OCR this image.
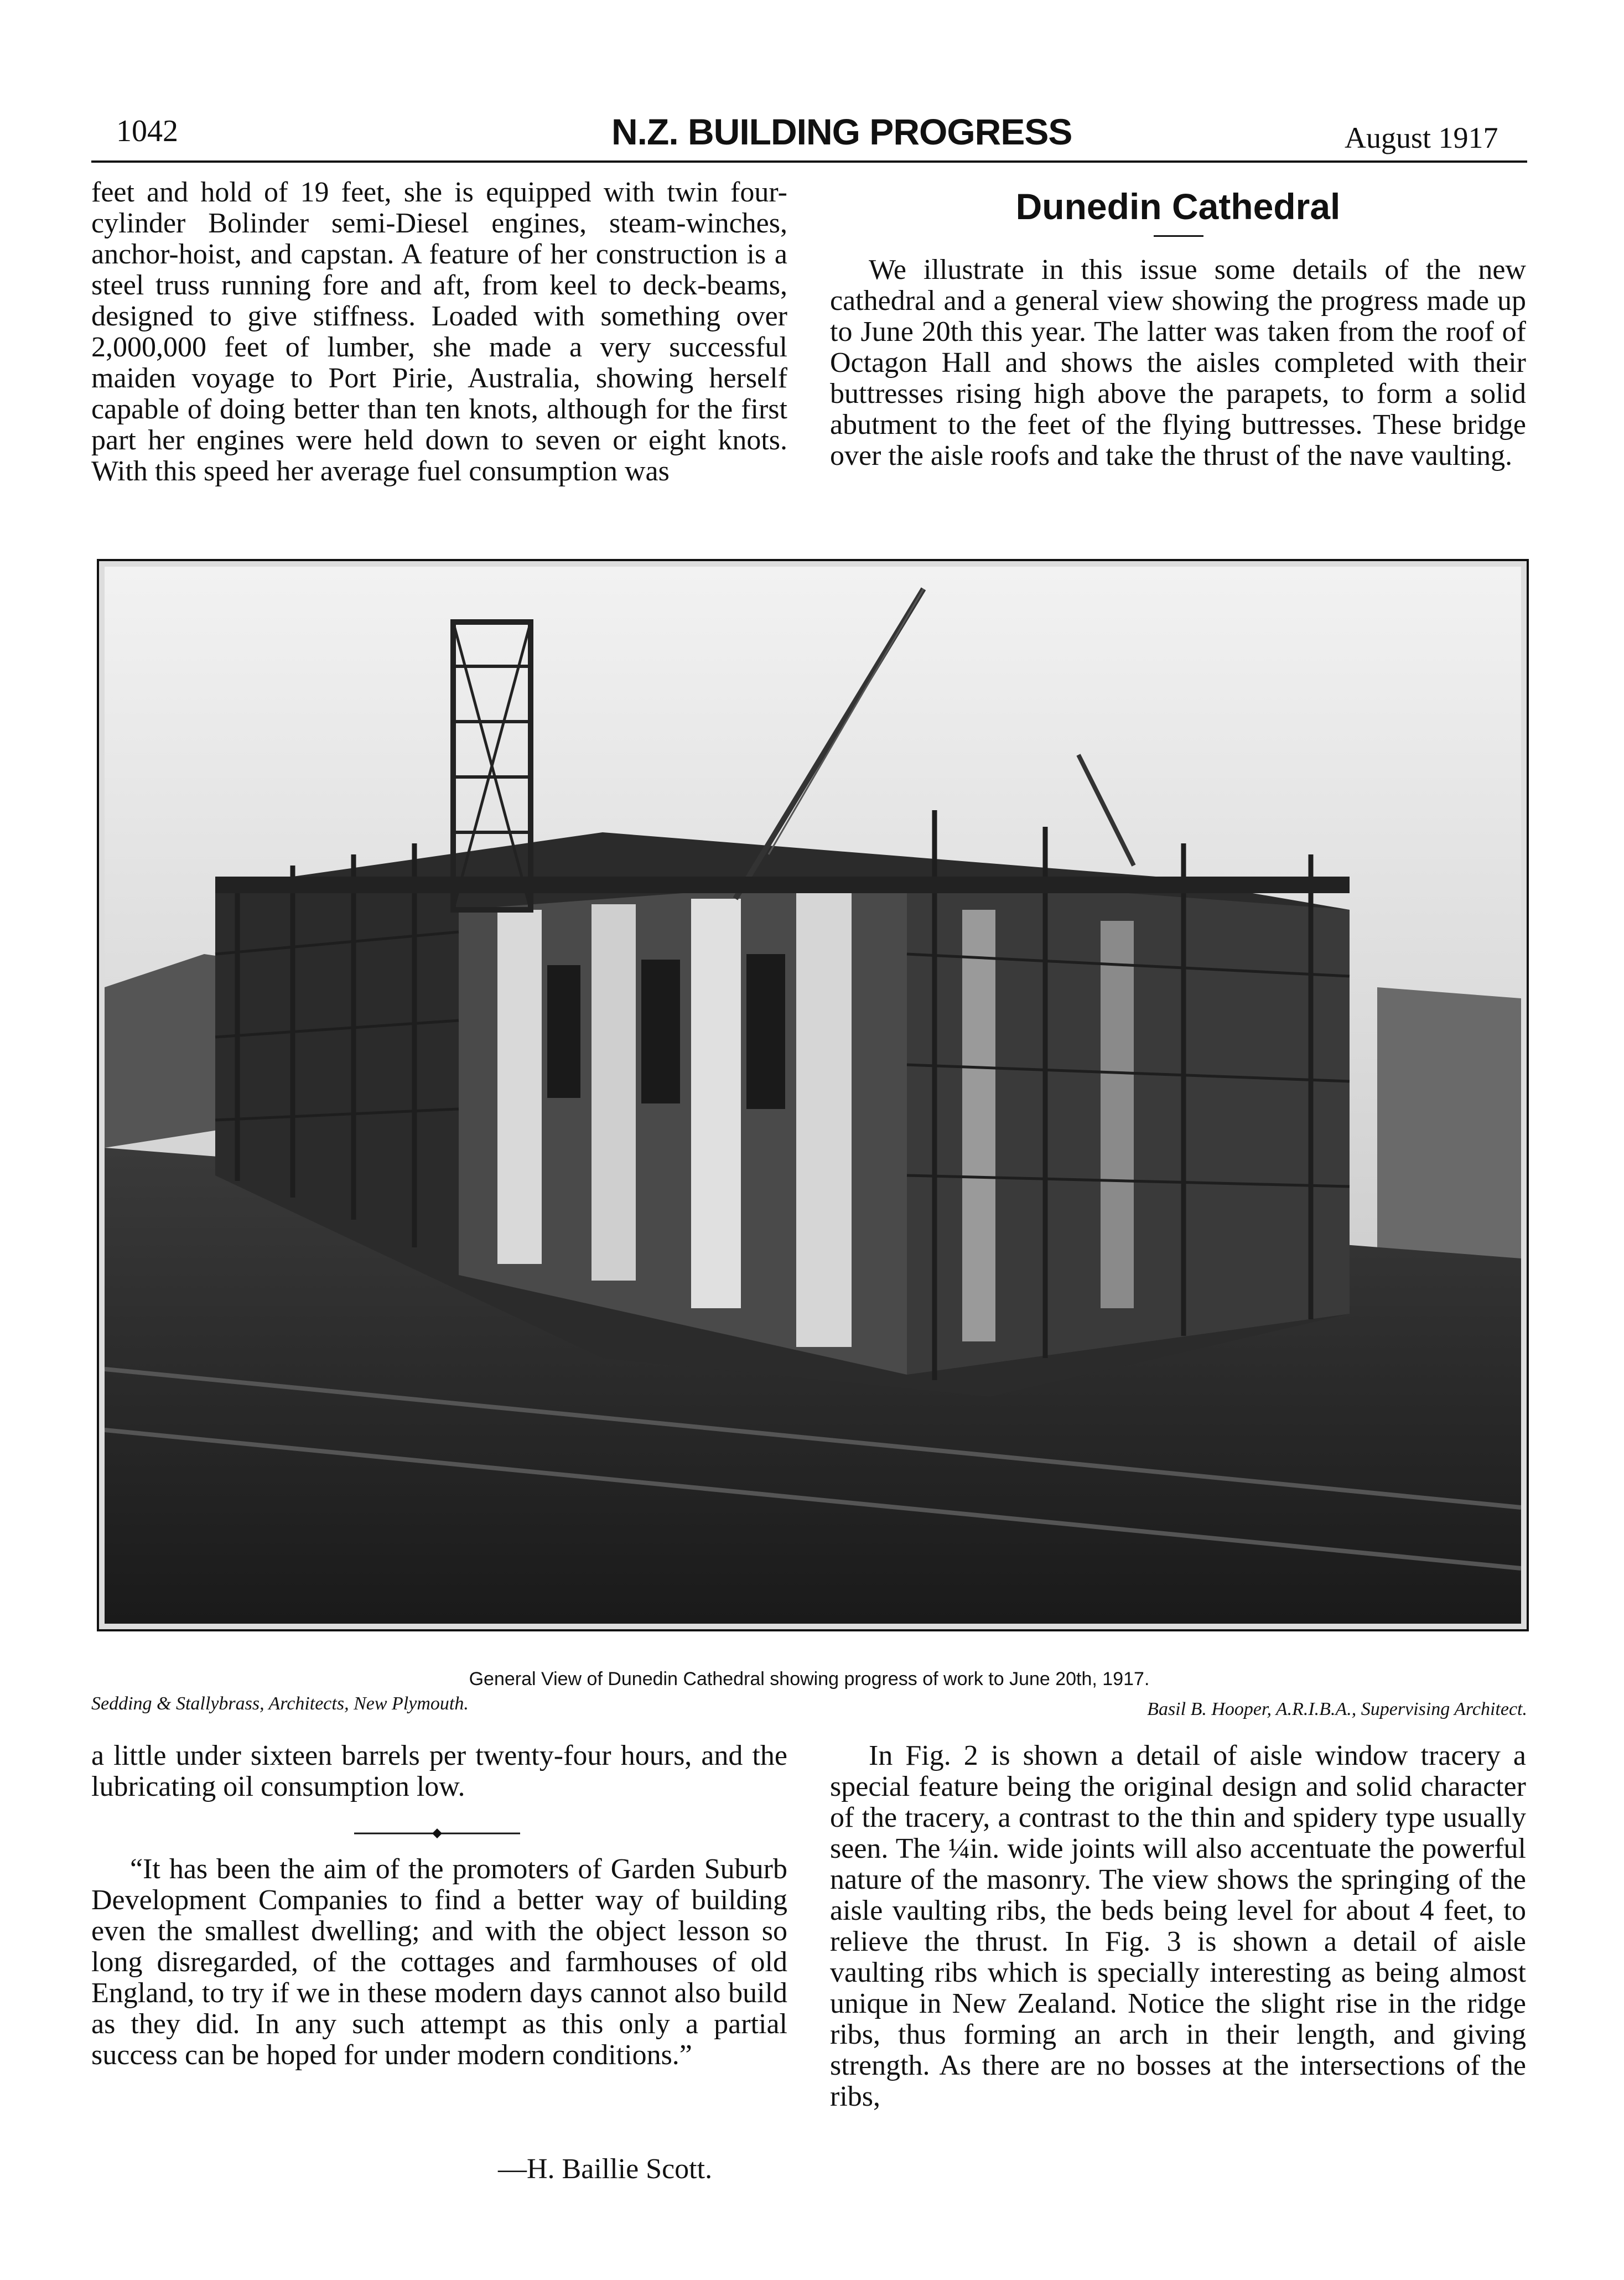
1042	N.Z. BUILDING PROGRESS	August 1917

feet and hold of 19 feet, she is equipped with twin four-cylinder Bolinder semi-Diesel engines, steam-winches, anchor-hoist, and capstan. A feature of her construction is a steel truss running fore and aft, from keel to deck-beams, designed to give stiffness. Loaded with something over 2,000,000 feet of lumber, she made a very successful maiden voyage to Port Pirie, Australia, showing herself capable of doing better than ten knots, although for the first part her engines were held down to seven or eight knots. With this speed her average fuel consumption was

Dunedin Cathedral

We illustrate in this issue some details of the new cathedral and a general view showing the progress made up to June 20th this year. The latter was taken from the roof of Octagon Hall and shows the aisles completed with their buttresses rising high above the parapets, to form a solid abutment to the feet of the flying buttresses. These bridge over the aisle roofs and take the thrust of the nave vaulting.

General View of Dunedin Cathedral showing progress of work to June 20th, 1917.
Sedding & Stallybrass, Architects, New Plymouth.	Basil B. Hooper, A.R.I.B.A., Supervising Architect.

a little under sixteen barrels per twenty-four hours, and the lubricating oil consumption low.

“It has been the aim of the promoters of Garden Suburb Development Companies to find a better way of building even the smallest dwelling; and with the object lesson so long disregarded, of the cottages and farmhouses of old England, to try if we in these modern days cannot also build as they did. In any such attempt as this only a partial success can be hoped for under modern conditions.”

—H. Baillie Scott.

In Fig. 2 is shown a detail of aisle window tracery a special feature being the original design and solid character of the tracery, a contrast to the thin and spidery type usually seen. The ¼in. wide joints will also accentuate the powerful nature of the masonry. The view shows the springing of the aisle vaulting ribs, the beds being level for about 4 feet, to relieve the thrust. In Fig. 3 is shown a detail of aisle vaulting ribs which is specially interesting as being almost unique in New Zealand. Notice the slight rise in the ridge ribs, thus forming an arch in their length, and giving strength. As there are no bosses at the intersections of the ribs,
